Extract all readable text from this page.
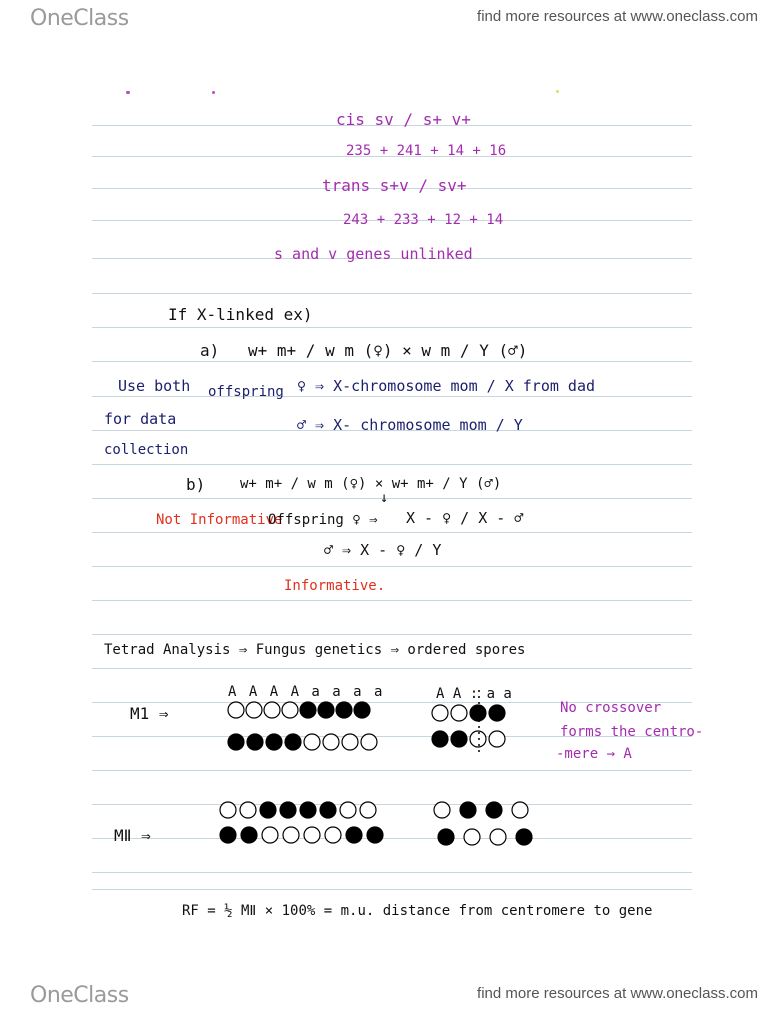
OneClass	find more resources at www.oneclass.com
cis sv / s+ v+
235 + 241 + 14 + 16
trans s+v / sv+
243 + 233 + 12 + 14
s and v genes unlinked
If X-linked ex)
a) w+ m+ / w m (♀) × w m / Y (♂)
Use both
for data
collection
offspring ♀ ⇒ X-chromosome mom / X from dad
♂ ⇒ X- chromosome mom / Y
b) w+ m+ / w m (♀) × w+ m+ / Y (♂)
↓
Not Informative
Offspring ♀ ⇒ X - ♀ / X - ♂
♂ ⇒ X - ♀ / Y
Informative.
Tetrad Analysis ⇒ Fungus genetics ⇒ ordered spores
M1 ⇒
A A A A a a a a	A A : a a
No crossover
forms the centro-
-mere → A
MⅡ ⇒
RF = ½ MⅡ × 100% = m.u. distance from centromere to gene
OneClass	find more resources at www.oneclass.com
